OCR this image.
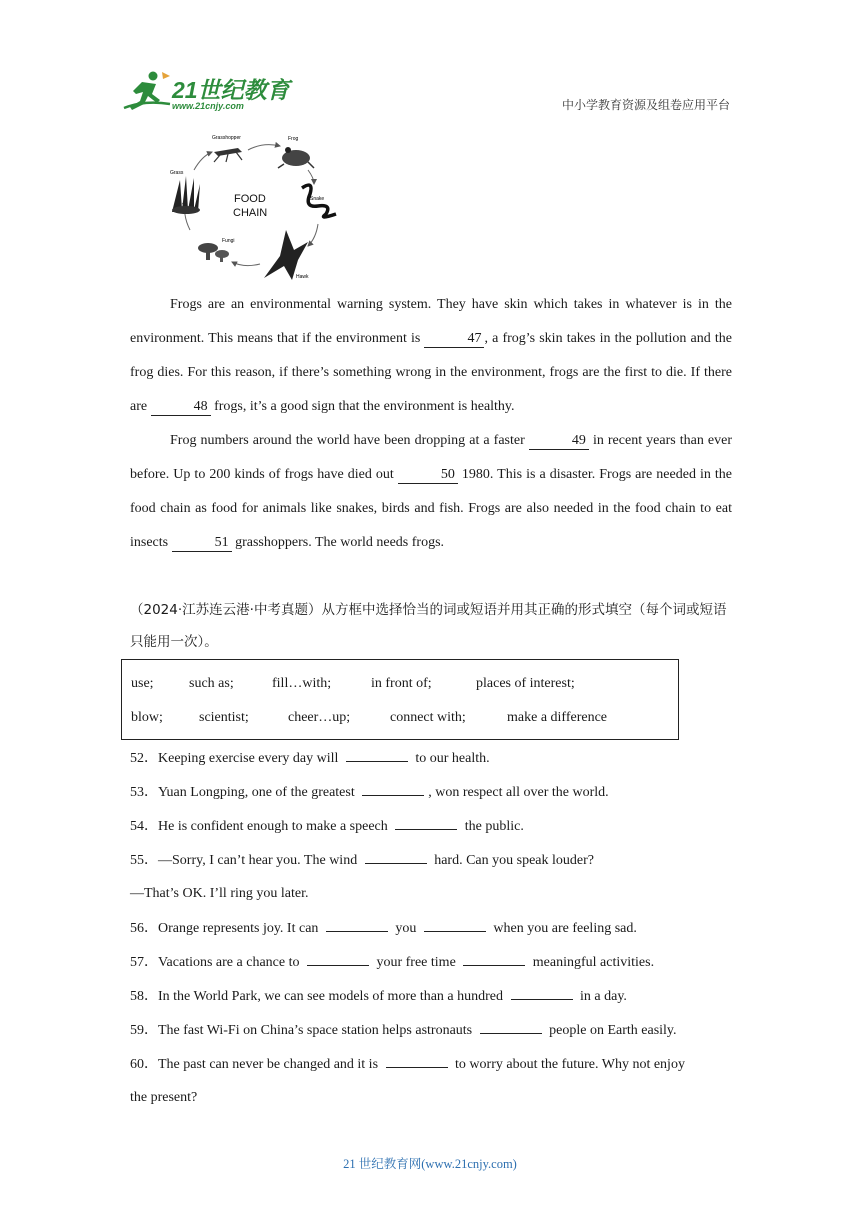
21世纪教育
www.21cnjy.com	中小学教育资源及组卷应用平台
Grasshopper	Frog
Snake
Hawk
Fungi
Grass
FOOD
CHAIN

Frogs are an environmental warning system. They have skin which takes in whatever is in the environment. This means that if the environment is	47 , a frog’s skin takes in the pollution and the frog dies. For this reason, if there’s something wrong in the environment, frogs are the first to die. If there are	48 frogs, it’s a good sign that the environment is healthy.

Frog numbers around the world have been dropping at a faster	49 in recent years than ever before. Up to 200 kinds of frogs have died out	50 1980. This is a disaster. Frogs are needed in the food chain as food for animals like snakes, birds and fish. Frogs are also needed in the food chain to eat insects	51 grasshoppers. The world needs frogs.

（2024·江苏连云港·中考真题）从方框中选择恰当的词或短语并用其正确的形式填空（每个词或短语只能用一次）。
use;	such as;	fill…with;	in front of;	places of interest;
blow;	scientist;	cheer…up;	connect with;	make a difference
52．Keeping exercise every day will	to our health.
53．Yuan Longping, one of the greatest	, won respect all over the world.
54．He is confident enough to make a speech	the public.
55．—Sorry, I can’t hear you. The wind	hard. Can you speak louder?
—That’s OK. I’ll ring you later.
56．Orange represents joy. It can	you	when you are feeling sad.
57．Vacations are a chance to	your free time	meaningful activities.
58．In the World Park, we can see models of more than a hundred	in a day.
59．The fast Wi-Fi on China’s space station helps astronauts	people on Earth easily.
60．The past can never be changed and it is	to worry about the future. Why not enjoy
the present?
21 世纪教育网(www.21cnjy.com)
